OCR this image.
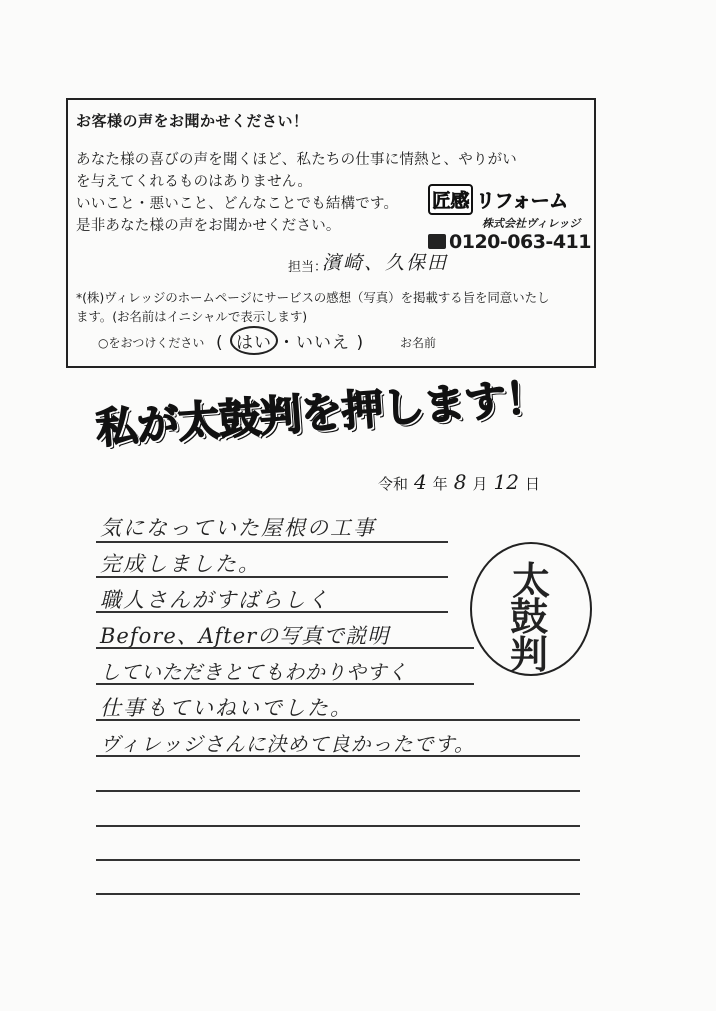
お客様の声をお聞かせください！
あなた様の喜びの声を聞くほど、私たちの仕事に情熱と、やりがい
を与えてくれるものはありません。
いいこと・悪いこと、どんなことでも結構です。
是非あなた様の声をお聞かせください。
匠感 リフォーム
株式会社ヴィレッジ
0120-063-411
担当：
濱崎、久保田
*(株)ヴィレッジのホームページにサービスの感想（写真）を掲載する旨を同意いたし
ます。(お名前はイニシャルで表示します)
○をおつけください ( はい ・いいえ )	お名前
私が太鼓判を押します！
令和 4 年 8 月 12 日
気になっていた屋根の工事
完成しました。
職人さんがすばらしく
Before、Afterの写真で説明
していただきとてもわかりやすく
仕事もていねいでした。
ヴィレッジさんに決めて良かったです。
太
鼓
判
